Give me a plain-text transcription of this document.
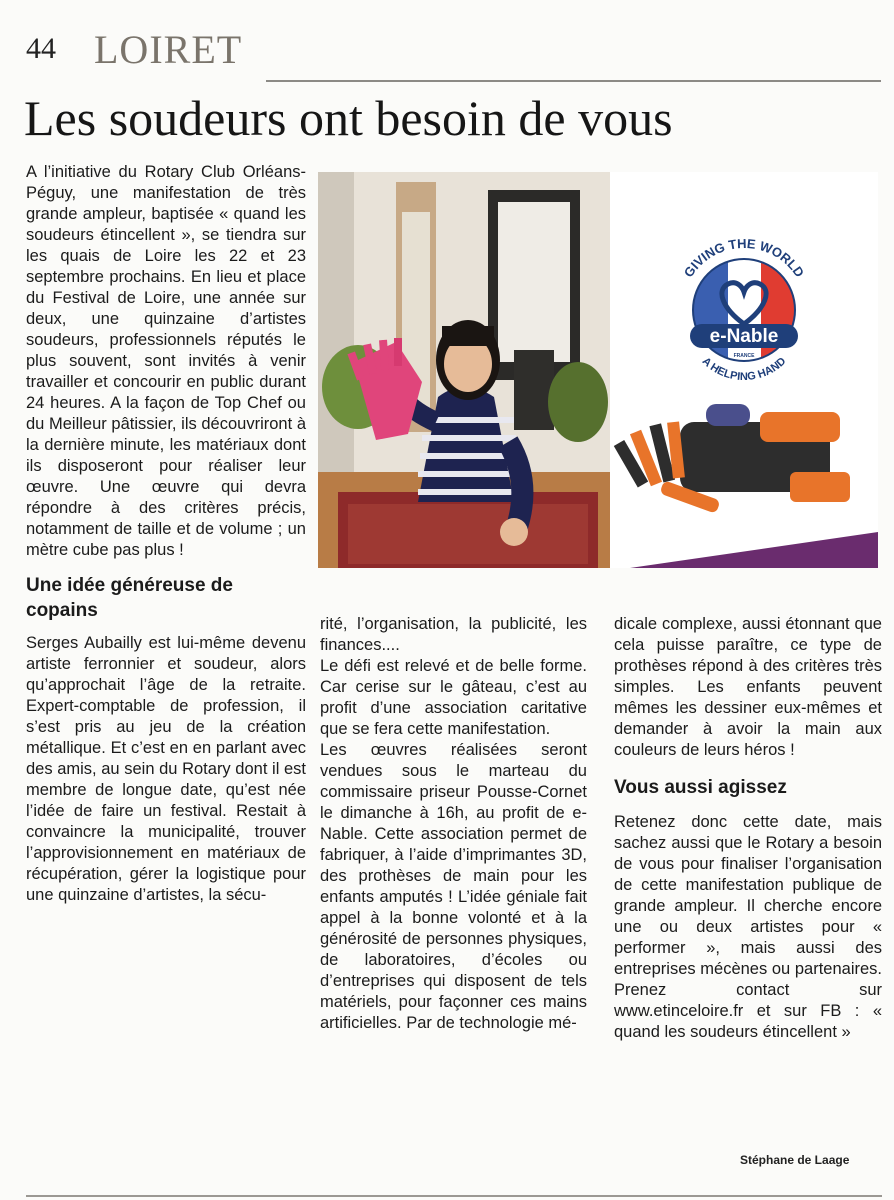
44 LOIRET
Les soudeurs ont besoin de vous

A l’initiative du Rotary Club Orléans-Péguy, une manifestation de très grande ampleur, baptisée « quand les soudeurs étincellent », se tiendra sur les quais de Loire les 22 et 23 septembre prochains. En lieu et place du Festival de Loire, une année sur deux, une quinzaine d’artistes soudeurs, professionnels réputés le plus souvent, sont invités à venir travailler et concourir en public durant 24 heures. A la façon de Top Chef ou du Meilleur pâtissier, ils découvriront à la dernière minute, les matériaux dont ils disposeront pour réaliser leur œuvre. Une œuvre qui devra répondre à des critères précis, notamment de taille et de volume ; un mètre cube pas plus !

Une idée généreuse de copains

Serges Aubailly est lui-même devenu artiste ferronnier et soudeur, alors qu’approchait l’âge de la retraite. Expert-comptable de profession, il s’est pris au jeu de la création métallique. Et c’est en en parlant avec des amis, au sein du Rotary dont il est membre de longue date, qu’est née l’idée de faire un festival. Restait à convaincre la municipalité, trouver l’approvisionnement en matériaux de récupération, gérer la logistique pour une quinzaine d’artistes, la sécu-

e-Nable
FRANCE
GIVING THE WORLD
A HELPING HAND

rité, l’organisation, la publicité, les finances....

Le défi est relevé et de belle forme. Car cerise sur le gâteau, c’est au profit d’une association caritative que se fera cette manifestation.

Les œuvres réalisées seront vendues sous le marteau du commissaire priseur Pousse-Cornet le dimanche à 16h, au profit de e-Nable. Cette association permet de fabriquer, à l’aide d’imprimantes 3D, des prothèses de main pour les enfants amputés ! L’idée géniale fait appel à la bonne volonté et à la générosité de personnes physiques, de laboratoires, d’écoles ou d’entreprises qui disposent de tels matériels, pour façonner ces mains artificielles. Par de technologie mé-

dicale complexe, aussi étonnant que cela puisse paraître, ce type de prothèses répond à des critères très simples. Les enfants peuvent mêmes les dessiner eux-mêmes et demander à avoir la main aux couleurs de leurs héros !

Vous aussi agissez

Retenez donc cette date, mais sachez aussi que le Rotary a besoin de vous pour finaliser l’organisation de cette manifestation publique de grande ampleur. Il cherche encore une ou deux artistes pour « performer », mais aussi des entreprises mécènes ou partenaires. Prenez contact sur www.etinceloire.fr et sur FB : « quand les soudeurs étincellent »

Stéphane de Laage
